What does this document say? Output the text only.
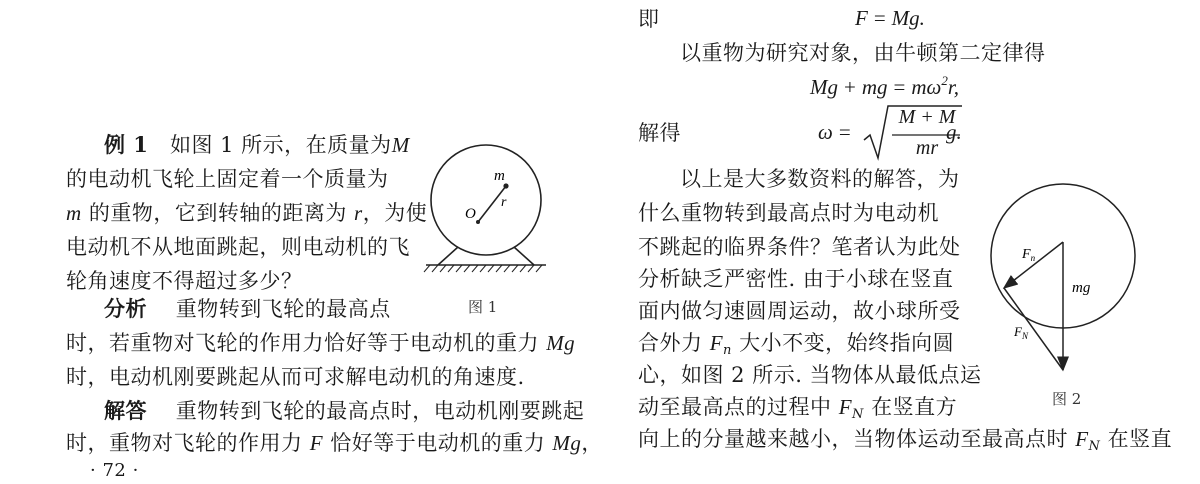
例 1 如图 1 所示，在质量为M
的电动机飞轮上固定着一个质量为
m 的重物，它到转轴的距离为 r，为使
电动机不从地面跳起，则电动机的飞
轮角速度不得超过多少？
分析 重物转到飞轮的最高点
时，若重物对飞轮的作用力恰好等于电动机的重力 Mg
时，电动机刚要跳起从而可求解电动机的角速度.
解答 重物转到飞轮的最高点时，电动机刚要跳起
时，重物对飞轮的作用力 F 恰好等于电动机的重力 Mg，
· 72 ·
m
r
O
图 1
即	F = Mg.
以重物为研究对象，由牛顿第二定律得
Mg + mg = $m\omega^2r$,
解得	ω =
M + M
mr
g.
以上是大多数资料的解答，为
什么重物转到最高点时为电动机
不跳起的临界条件？笔者认为此处
分析缺乏严密性. 由于小球在竖直
面内做匀速圆周运动，故小球所受
合外力 $F_n$ 大小不变，始终指向圆
心，如图 2 所示. 当物体从最低点运
动至最高点的过程中 $F_N$ 在竖直方
向上的分量越来越小，当物体运动至最高点时 $F_N$ 在竖直
$F_n$
mg
$F_N$
图 2
